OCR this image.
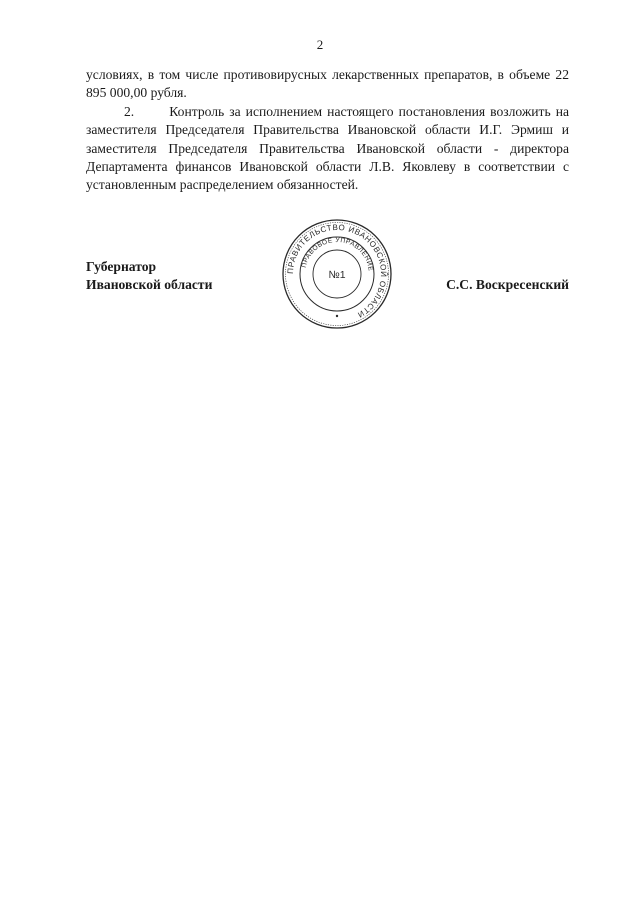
2

условиях, в том числе противовирусных лекарственных препаратов, в объеме 22 895 000,00 рубля.

2.       Контроль за исполнением настоящего постановления возложить на заместителя Председателя Правительства Ивановской области И.Г. Эрмиш и заместителя Председателя Правительства Ивановской области - директора Департамента финансов Ивановской области Л.В. Яковлеву в соответствии с установленным распределением обязанностей.

Губернатор
Ивановской области	С.С. Воскресенский
ПРАВИТЕЛЬСТВО ИВАНОВСКОЙ ОБЛАСТИ
ПРАВОВОЕ УПРАВЛЕНИЕ
№1
